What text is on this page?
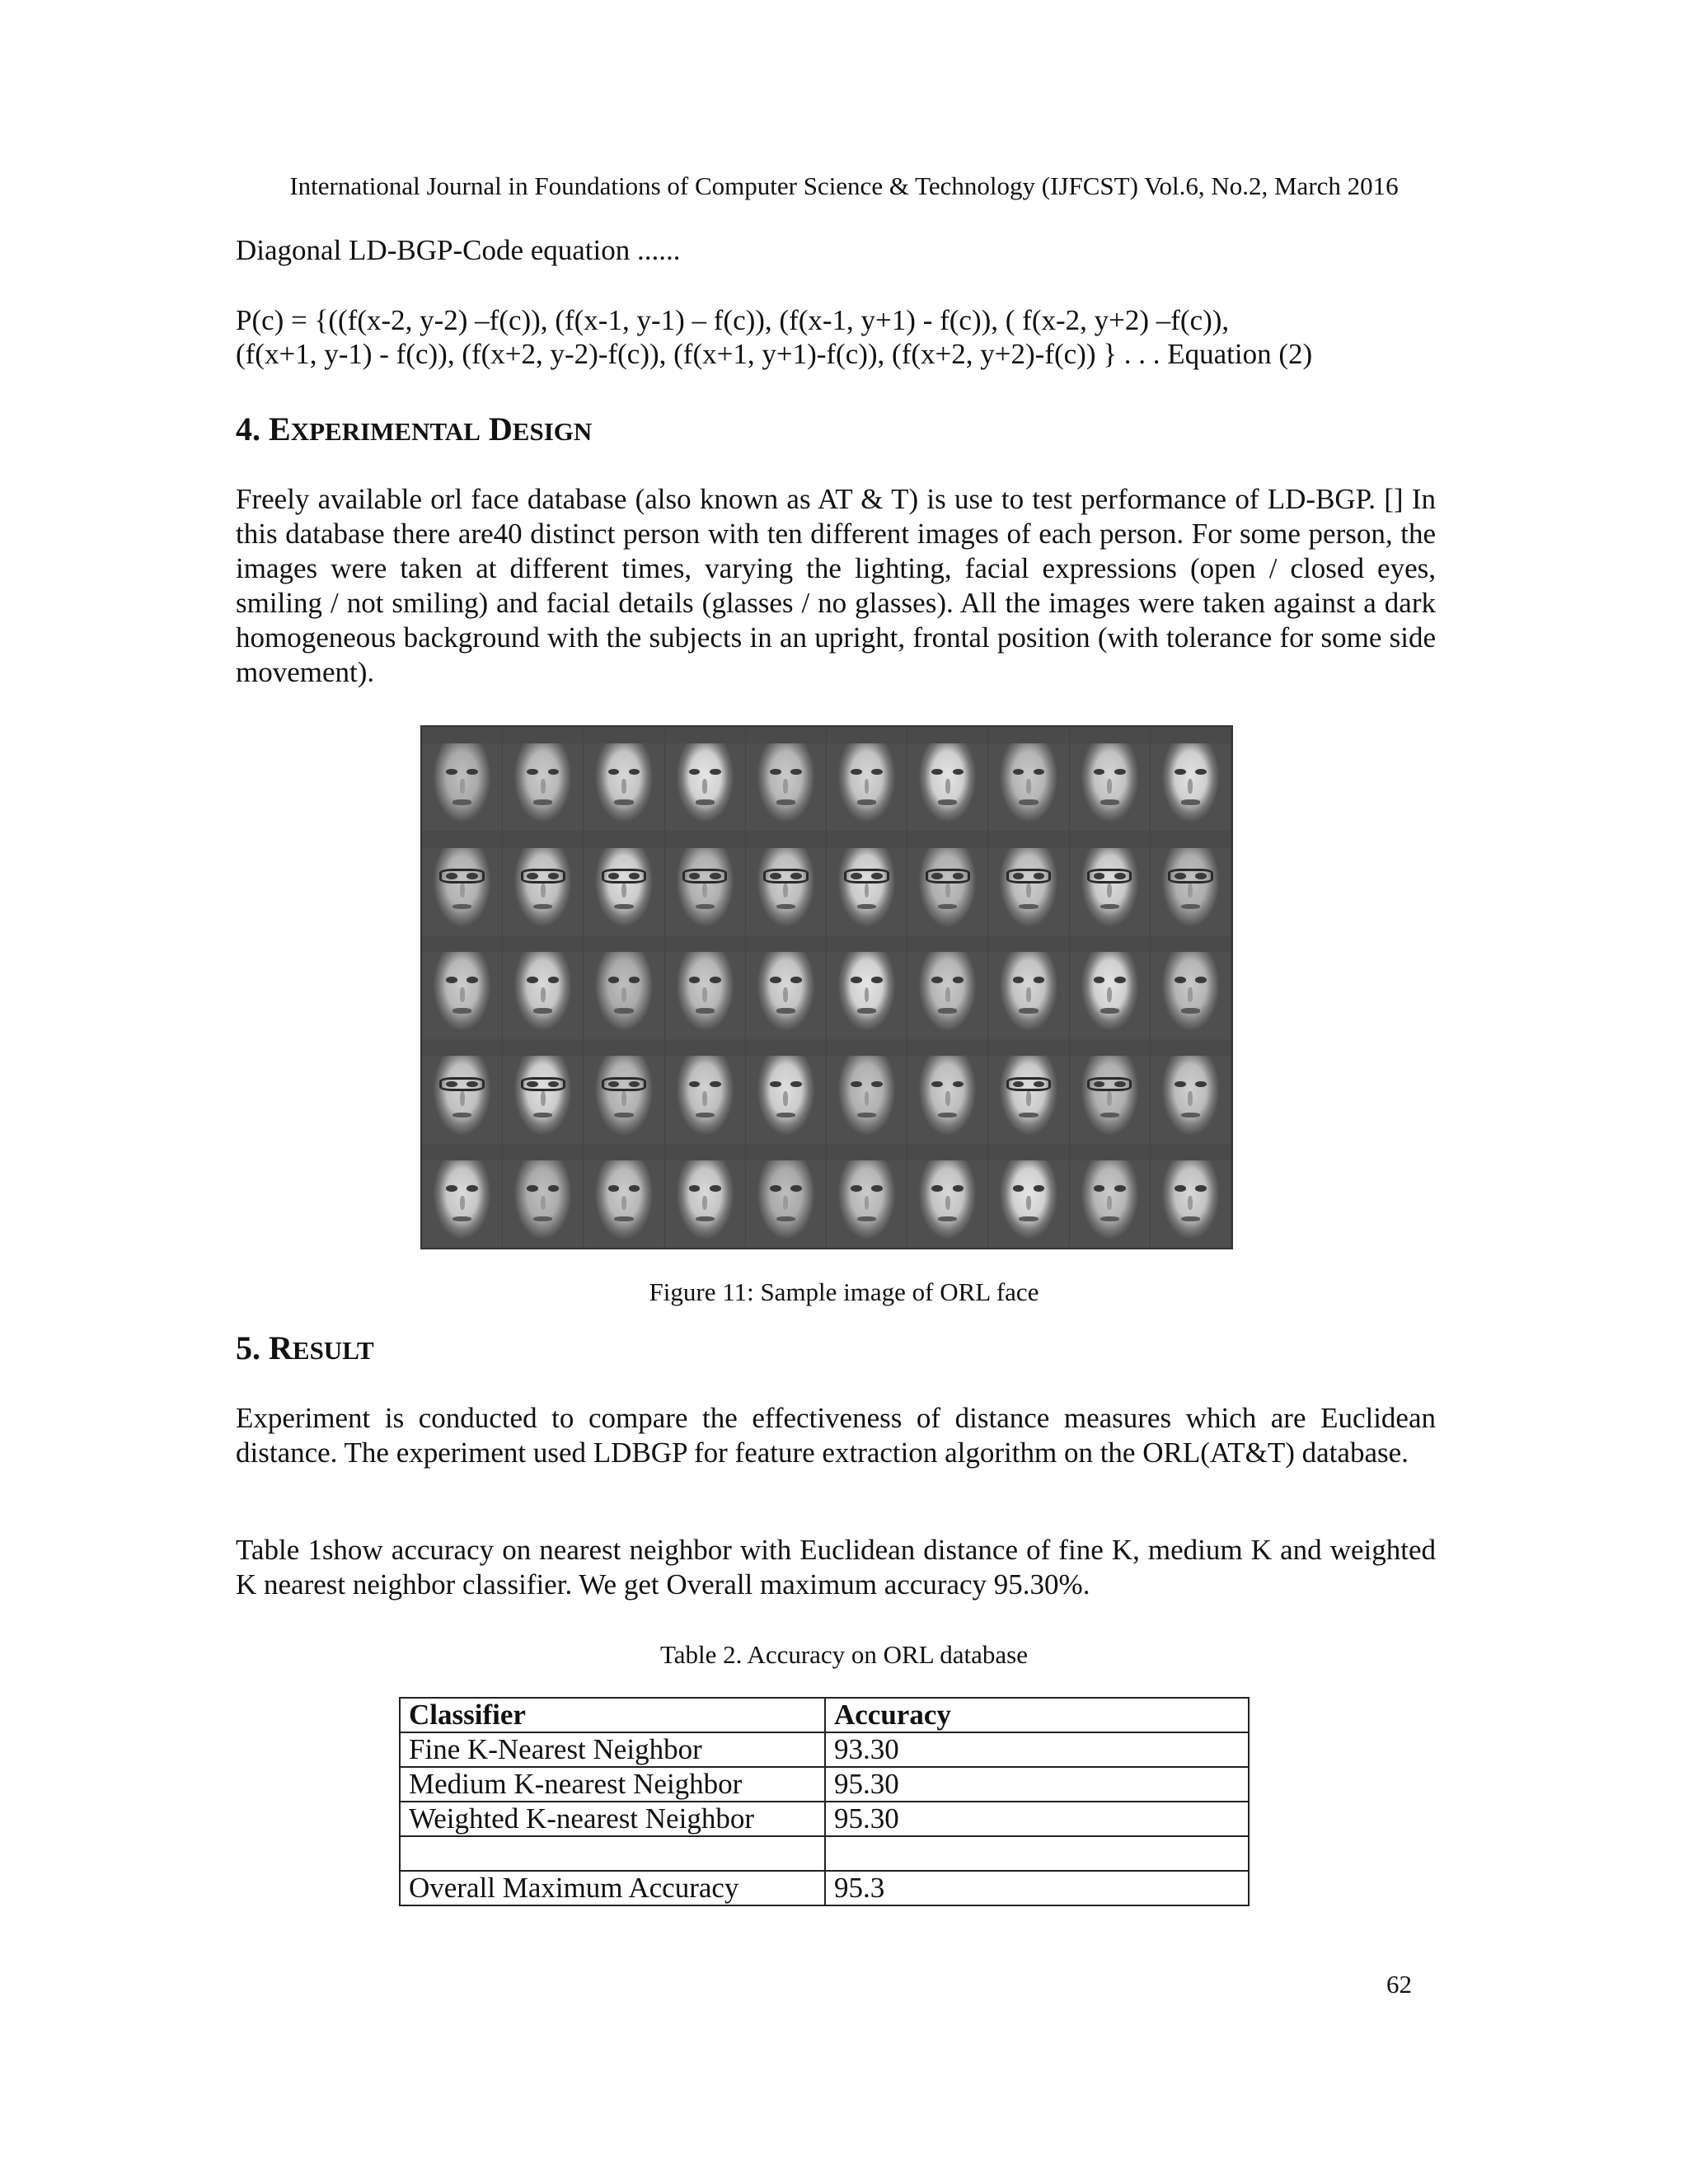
International Journal in Foundations of Computer Science & Technology (IJFCST) Vol.6, No.2, March 2016
Diagonal LD-BGP-Code equation ......
P(c) = {((f(x-2, y-2) –f(c)), (f(x-1, y-1) – f(c)), (f(x-1, y+1) - f(c)), ( f(x-2, y+2) –f(c)),
(f(x+1, y-1) - f(c)), (f(x+2, y-2)-f(c)), (f(x+1, y+1)-f(c)), (f(x+2, y+2)-f(c)) } . . . Equation (2)
4. EXPERIMENTAL DESIGN
Freely available orl face database (also known as AT & T) is use to test performance of LD-BGP. [] In this database there are40 distinct person with ten different images of each person. For some person, the images were taken at different times, varying the lighting, facial expressions (open / closed eyes, smiling / not smiling) and facial details (glasses / no glasses). All the images were taken against a dark homogeneous background with the subjects in an upright, frontal position (with tolerance for some side movement).
Figure 11: Sample image of ORL face
5. RESULT
Experiment is conducted to compare the effectiveness of distance measures which are Euclidean distance. The experiment used LDBGP for feature extraction algorithm on the ORL(AT&T) database.
Table 1show accuracy on nearest neighbor with Euclidean distance of fine K, medium K and weighted K nearest neighbor classifier. We get Overall maximum accuracy 95.30%.
Table 2. Accuracy on ORL database
Classifier	Accuracy
Fine K-Nearest Neighbor	93.30
Medium K-nearest Neighbor	95.30
Weighted K-nearest Neighbor	95.30

Overall Maximum Accuracy	95.3
62
